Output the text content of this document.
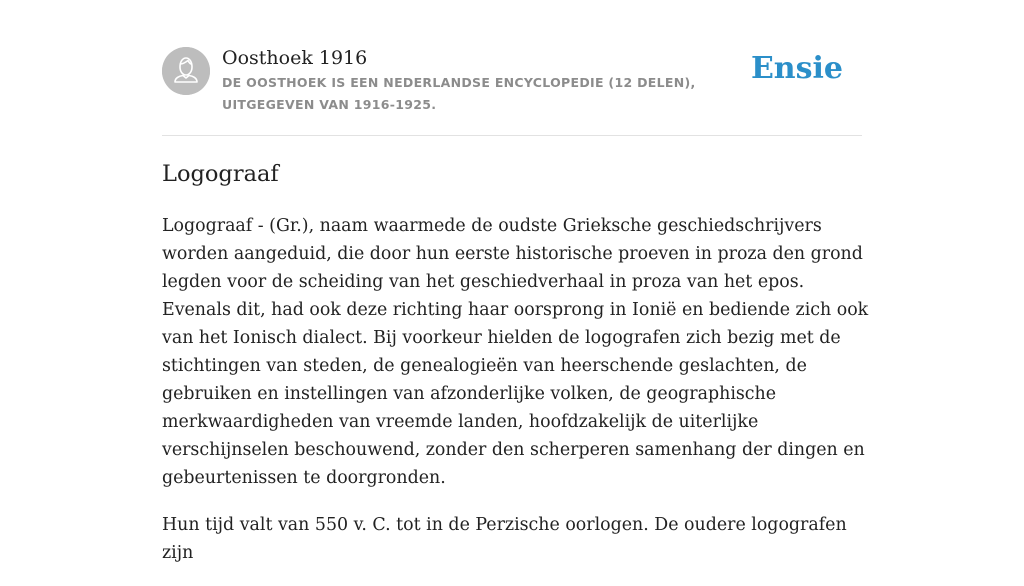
Oosthoek 1916
DE OOSTHOEK IS EEN NEDERLANDSE ENCYCLOPEDIE (12 DELEN), UITGEGEVEN VAN 1916-1925.
Ensie
Logograaf

Logograaf - (Gr.), naam waarmede de oudste Grieksche geschiedschrijvers worden aangeduid, die door hun eerste historische proeven in proza den grond legden voor de scheiding van het geschiedverhaal in proza van het epos. Evenals dit, had ook deze richting haar oorsprong in Ionië en bediende zich ook van het Ionisch dialect. Bij voorkeur hielden de logografen zich bezig met de stichtingen van steden, de genealogieën van heerschende geslachten, de gebruiken en instellingen van afzonderlijke volken, de geographische merkwaardigheden van vreemde landen, hoofdzakelijk de uiterlijke verschijnselen beschouwend, zonder den scherperen samenhang der dingen en gebeurtenissen te doorgronden.

Hun tijd valt van 550 v. C. tot in de Perzische oorlogen. De oudere logografen zijn
